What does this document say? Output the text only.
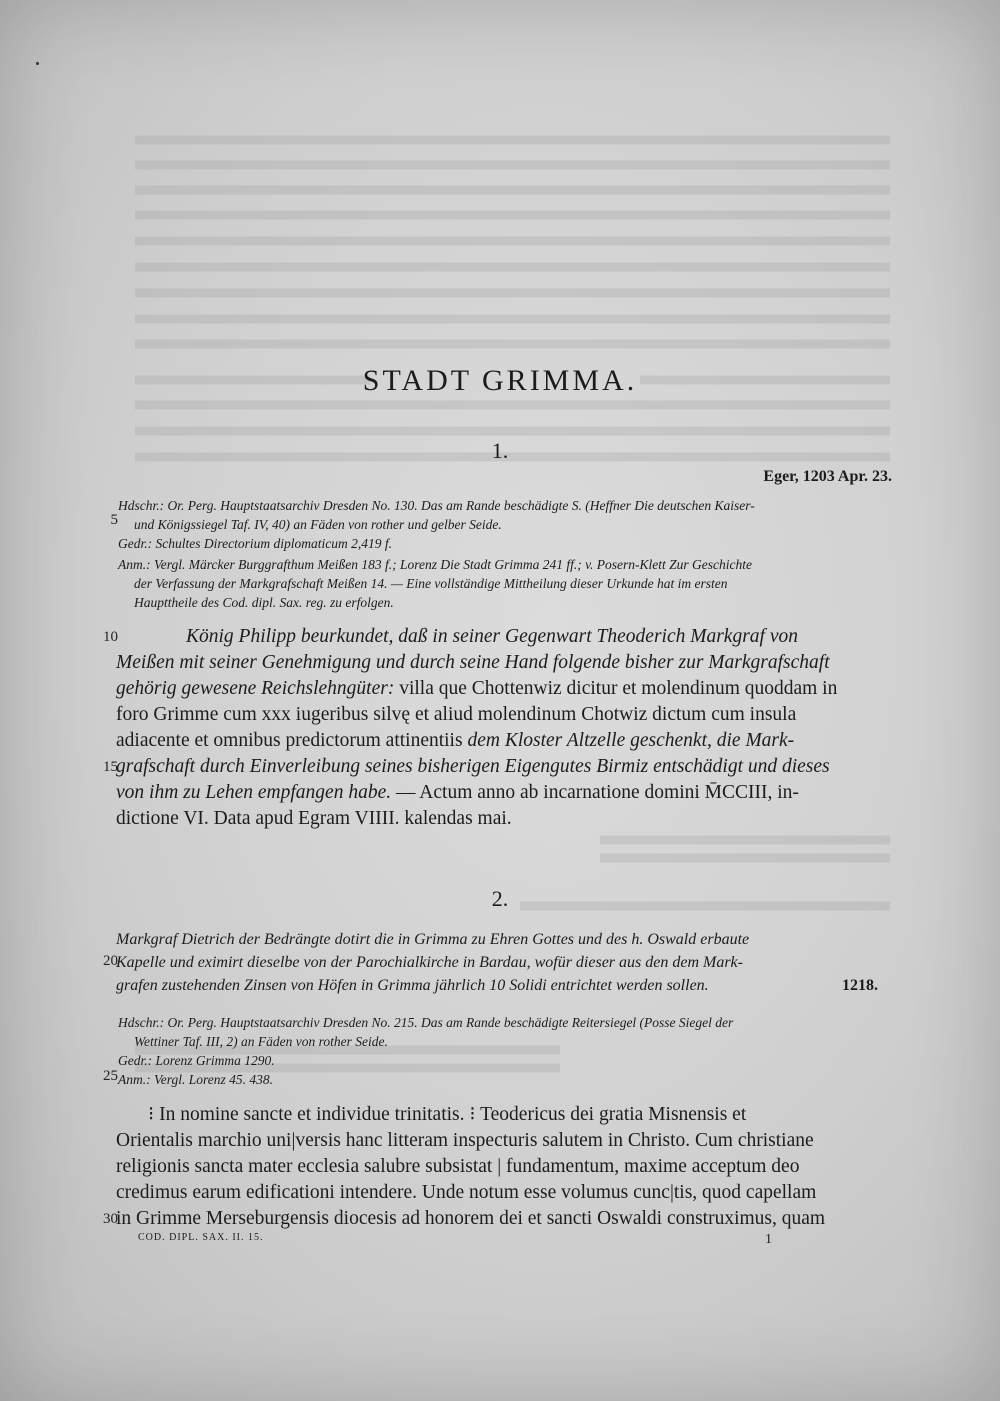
STADT GRIMMA.
1.
Eger, 1203 Apr. 23.
Hdschr.: Or. Perg. Hauptstaatsarchiv Dresden No. 130. Das am Rande beschädigte S. (Heffner Die deutschen Kaiser-
und Königssiegel Taf. IV, 40) an Fäden von rother und gelber Seide.
Gedr.: Schultes Directorium diplomaticum 2,419 f.
Anm.: Vergl. Märcker Burggrafthum Meißen 183 f.; Lorenz Die Stadt Grimma 241 ff.; v. Posern-Klett Zur Geschichte
der Verfassung der Markgrafschaft Meißen 14. — Eine vollständige Mittheilung dieser Urkunde hat im ersten
Haupttheile des Cod. dipl. Sax. reg. zu erfolgen.
König Philipp beurkundet, daß in seiner Gegenwart Theoderich Markgraf von
Meißen mit seiner Genehmigung und durch seine Hand folgende bisher zur Markgrafschaft
gehörig gewesene Reichslehngüter: villa que Chottenwiz dicitur et molendinum quoddam in
foro Grimme cum xxx iugeribus silvę et aliud molendinum Chotwiz dictum cum insula
adiacente et omnibus predictorum attinentiis dem Kloster Altzelle geschenkt, die Mark-
grafschaft durch Einverleibung seines bisherigen Eigengutes Birmiz entschädigt und dieses
von ihm zu Lehen empfangen habe. — Actum anno ab incarnatione domini M̄CCIII, in-
dictione VI. Data apud Egram VIIII. kalendas mai.
2.
Markgraf Dietrich der Bedrängte dotirt die in Grimma zu Ehren Gottes und des h. Oswald erbaute
Kapelle und eximirt dieselbe von der Parochialkirche in Bardau, wofür dieser aus den dem Mark-
grafen zustehenden Zinsen von Höfen in Grimma jährlich 10 Solidi entrichtet werden sollen.	1218.
Hdschr.: Or. Perg. Hauptstaatsarchiv Dresden No. 215. Das am Rande beschädigte Reitersiegel (Posse Siegel der
Wettiner Taf. III, 2) an Fäden von rother Seide.
Gedr.: Lorenz Grimma 1290.
Anm.: Vergl. Lorenz 45. 438.
⁝ In nomine sancte et individue trinitatis. ⁝ Teodericus dei gratia Misnensis et
Orientalis marchio uni|versis hanc litteram inspecturis salutem in Christo. Cum christiane
religionis sancta mater ecclesia salubre subsistat | fundamentum, maxime acceptum deo
credimus earum edificationi intendere. Unde notum esse volumus cunc|tis, quod capellam
in Grimme Merseburgensis diocesis ad honorem dei et sancti Oswaldi construximus, quam
5
10
15
20
25
30
COD. DIPL. SAX. II. 15.	1
